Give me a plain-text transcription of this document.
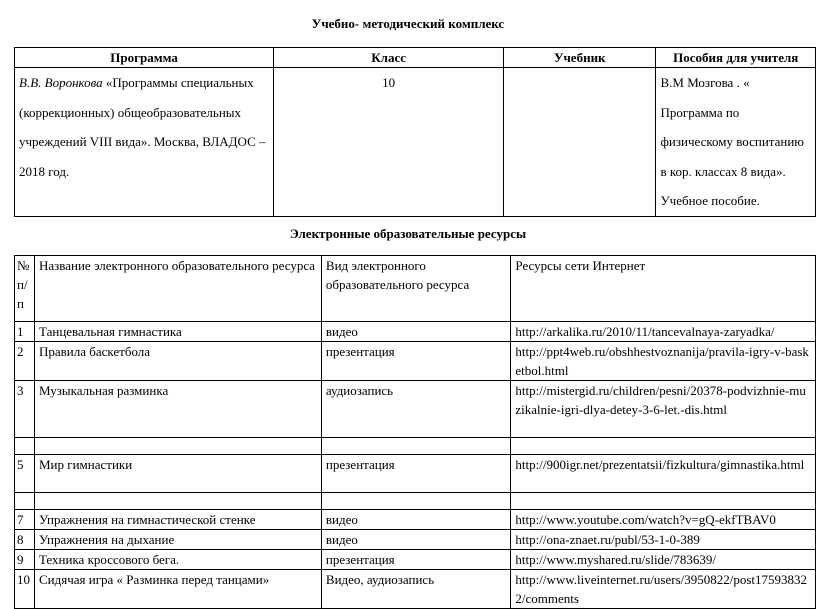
Учебно- методический комплекс
Программа	Класс	Учебник	Пособия для учителя
В.В. Воронкова «Программы специальных (коррекционных) общеобразовательных учреждений VIII вида». Москва, ВЛАДОС – 2018 год.	10		В.М Мозгова . « Программа по физическому воспитанию в кор. классах 8 вида». Учебное пособие.
Электронные образовательные ресурсы
№ п/п	Название электронного образовательного ресурса	Вид электронного образовательного ресурса	Ресурсы сети Интернет
1	Танцевальная гимнастика	видео	http://arkalika.ru/2010/11/tancevalnaya-zaryadka/
2	Правила баскетбола	презентация	http://ppt4web.ru/obshhestvoznanija/pravila-igry-v-basketbol.html
3	Музыкальная разминка	аудиозапись	http://mistergid.ru/children/pesni/20378-podvizhnie-muzikalnie-igri-dlya-detey-3-6-let.-dis.html

5	Мир гимнастики	презентация	http://900igr.net/prezentatsii/fizkultura/gimnastika.html

7	Упражнения на гимнастической стенке	видео	http://www.youtube.com/watch?v=gQ-ekfTBAV0
8	Упражнения на дыхание	видео	http://ona-znaet.ru/publ/53-1-0-389
9	Техника кроссового бега.	презентация	http://www.myshared.ru/slide/783639/
10	Сидячая игра « Разминка перед танцами»	Видео, аудиозапись	http://www.liveinternet.ru/users/3950822/post175938322/comments
